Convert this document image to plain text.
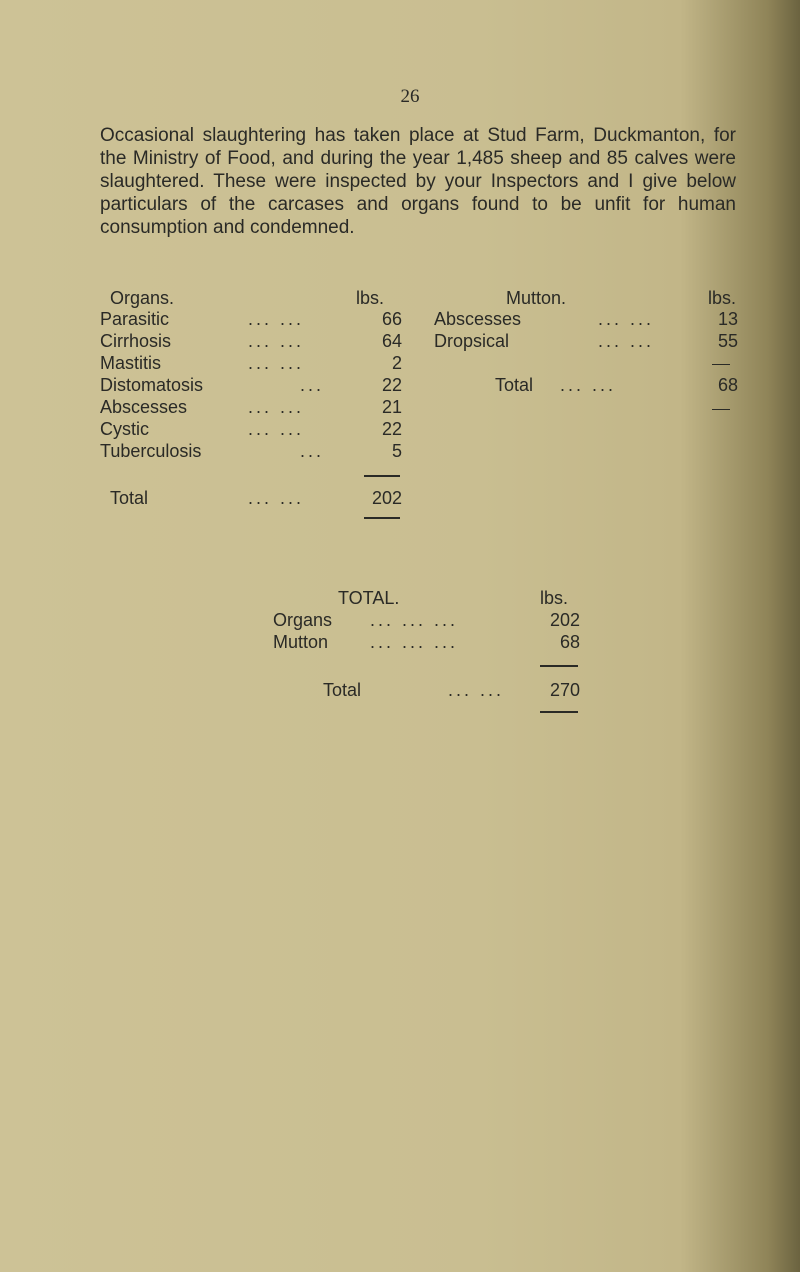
26

Occasional slaughtering has taken place at Stud Farm, Duckmanton, for the Ministry of Food, and during the year 1,485 sheep and 85 calves were slaughtered. These were inspected by your Inspectors and I give below particulars of the carcases and organs found to be unfit for human consumption and condemned.

Organs.	lbs.
Parasitic	... ...	66
Cirrhosis	... ...	64
Mastitis	... ...	2
Distomatosis	...	22
Abscesses	... ...	21
Cystic	... ...	22
Tuberculosis	...	5
Total	... ...	202
Mutton.	lbs.
Abscesses	... ...	13
Dropsical	... ...	55
Total ... ...	68
TOTAL.	lbs.
Organs ... ... ...	202
Mutton ... ... ...	68
Total	... ...	270
